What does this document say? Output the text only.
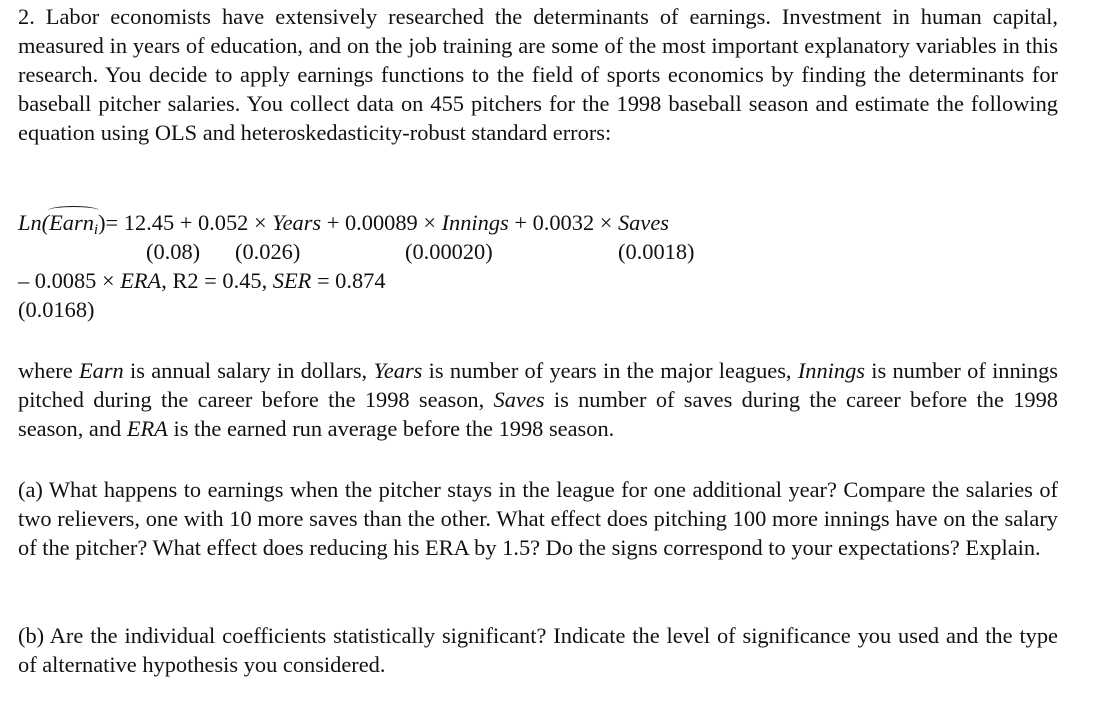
2. Labor economists have extensively researched the determinants of earnings. Investment in human capital, measured in years of education, and on the job training are some of the most important explanatory variables in this research. You decide to apply earnings functions to the field of sports economics by finding the determinants for baseball pitcher salaries. You collect data on 455 pitchers for the 1998 baseball season and estimate the following equation using OLS and heteroskedasticity-robust standard errors:

Ln(Earn$_i$)= 12.45 + 0.052 × Years + 0.00089 × Innings + 0.0032 × Saves
(0.08) (0.026)	(0.00020)	(0.0018)
– 0.0085 × ERA, R2 = 0.45, SER = 0.874
(0.0168)

where Earn is annual salary in dollars, Years is number of years in the major leagues, Innings is number of innings pitched during the career before the 1998 season, Saves is number of saves during the career before the 1998 season, and ERA is the earned run average before the 1998 season.

(a) What happens to earnings when the pitcher stays in the league for one additional year? Compare the salaries of two relievers, one with 10 more saves than the other. What effect does pitching 100 more innings have on the salary of the pitcher? What effect does reducing his ERA by 1.5? Do the signs correspond to your expectations? Explain.

(b) Are the individual coefficients statistically significant? Indicate the level of significance you used and the type of alternative hypothesis you considered.
